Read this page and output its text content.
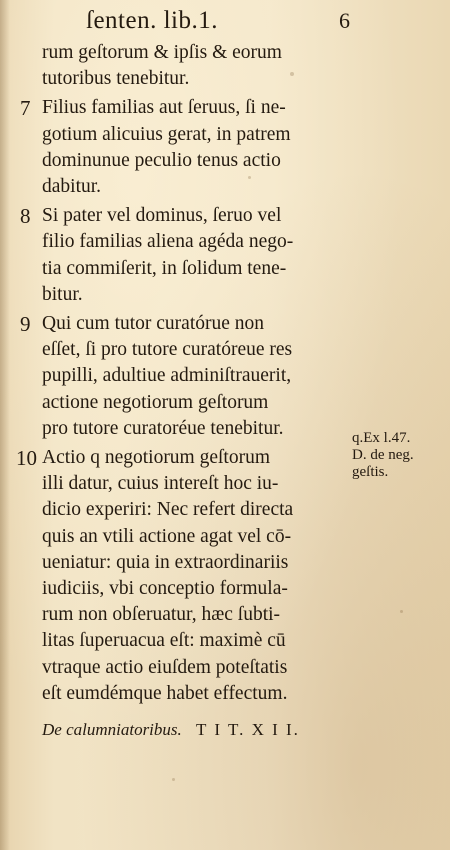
ſenten. lib.1.	6
rum geſtorum & ipſis & eorum
tutoribus tenebitur.
7 Filius familias aut ſeruus, ſi ne-
gotium alicuius gerat, in patrem
dominunue peculio tenus actio
dabitur.
8 Si pater vel dominus, ſeruo vel
filio familias aliena agéda nego-
tia commiſerit, in ſolidum tene-
bitur.
9 Qui cum tutor curatórue non
eſſet, ſi pro tutore curatóreue res
pupilli, adultiue adminiſtrauerit,
actione negotiorum geſtorum
pro tutore curatoréue tenebitur.
10 Actio q negotiorum geſtorum
illi datur, cuius intereſt hoc iu-
dicio experiri: Nec refert directa
quis an vtili actione agat vel cō-
ueniatur: quia in extraordinariis
iudiciis, vbi conceptio formula-
rum non obſeruatur, hæc ſubti-
litas ſuperuacua eſt: maximè cū
vtraque actio eiuſdem poteſtatis
eſt eumdémque habet effectum.
q.Ex l.47.
D. de neg.
geſtis.
De calumniatoribus. T I T. X I I.
